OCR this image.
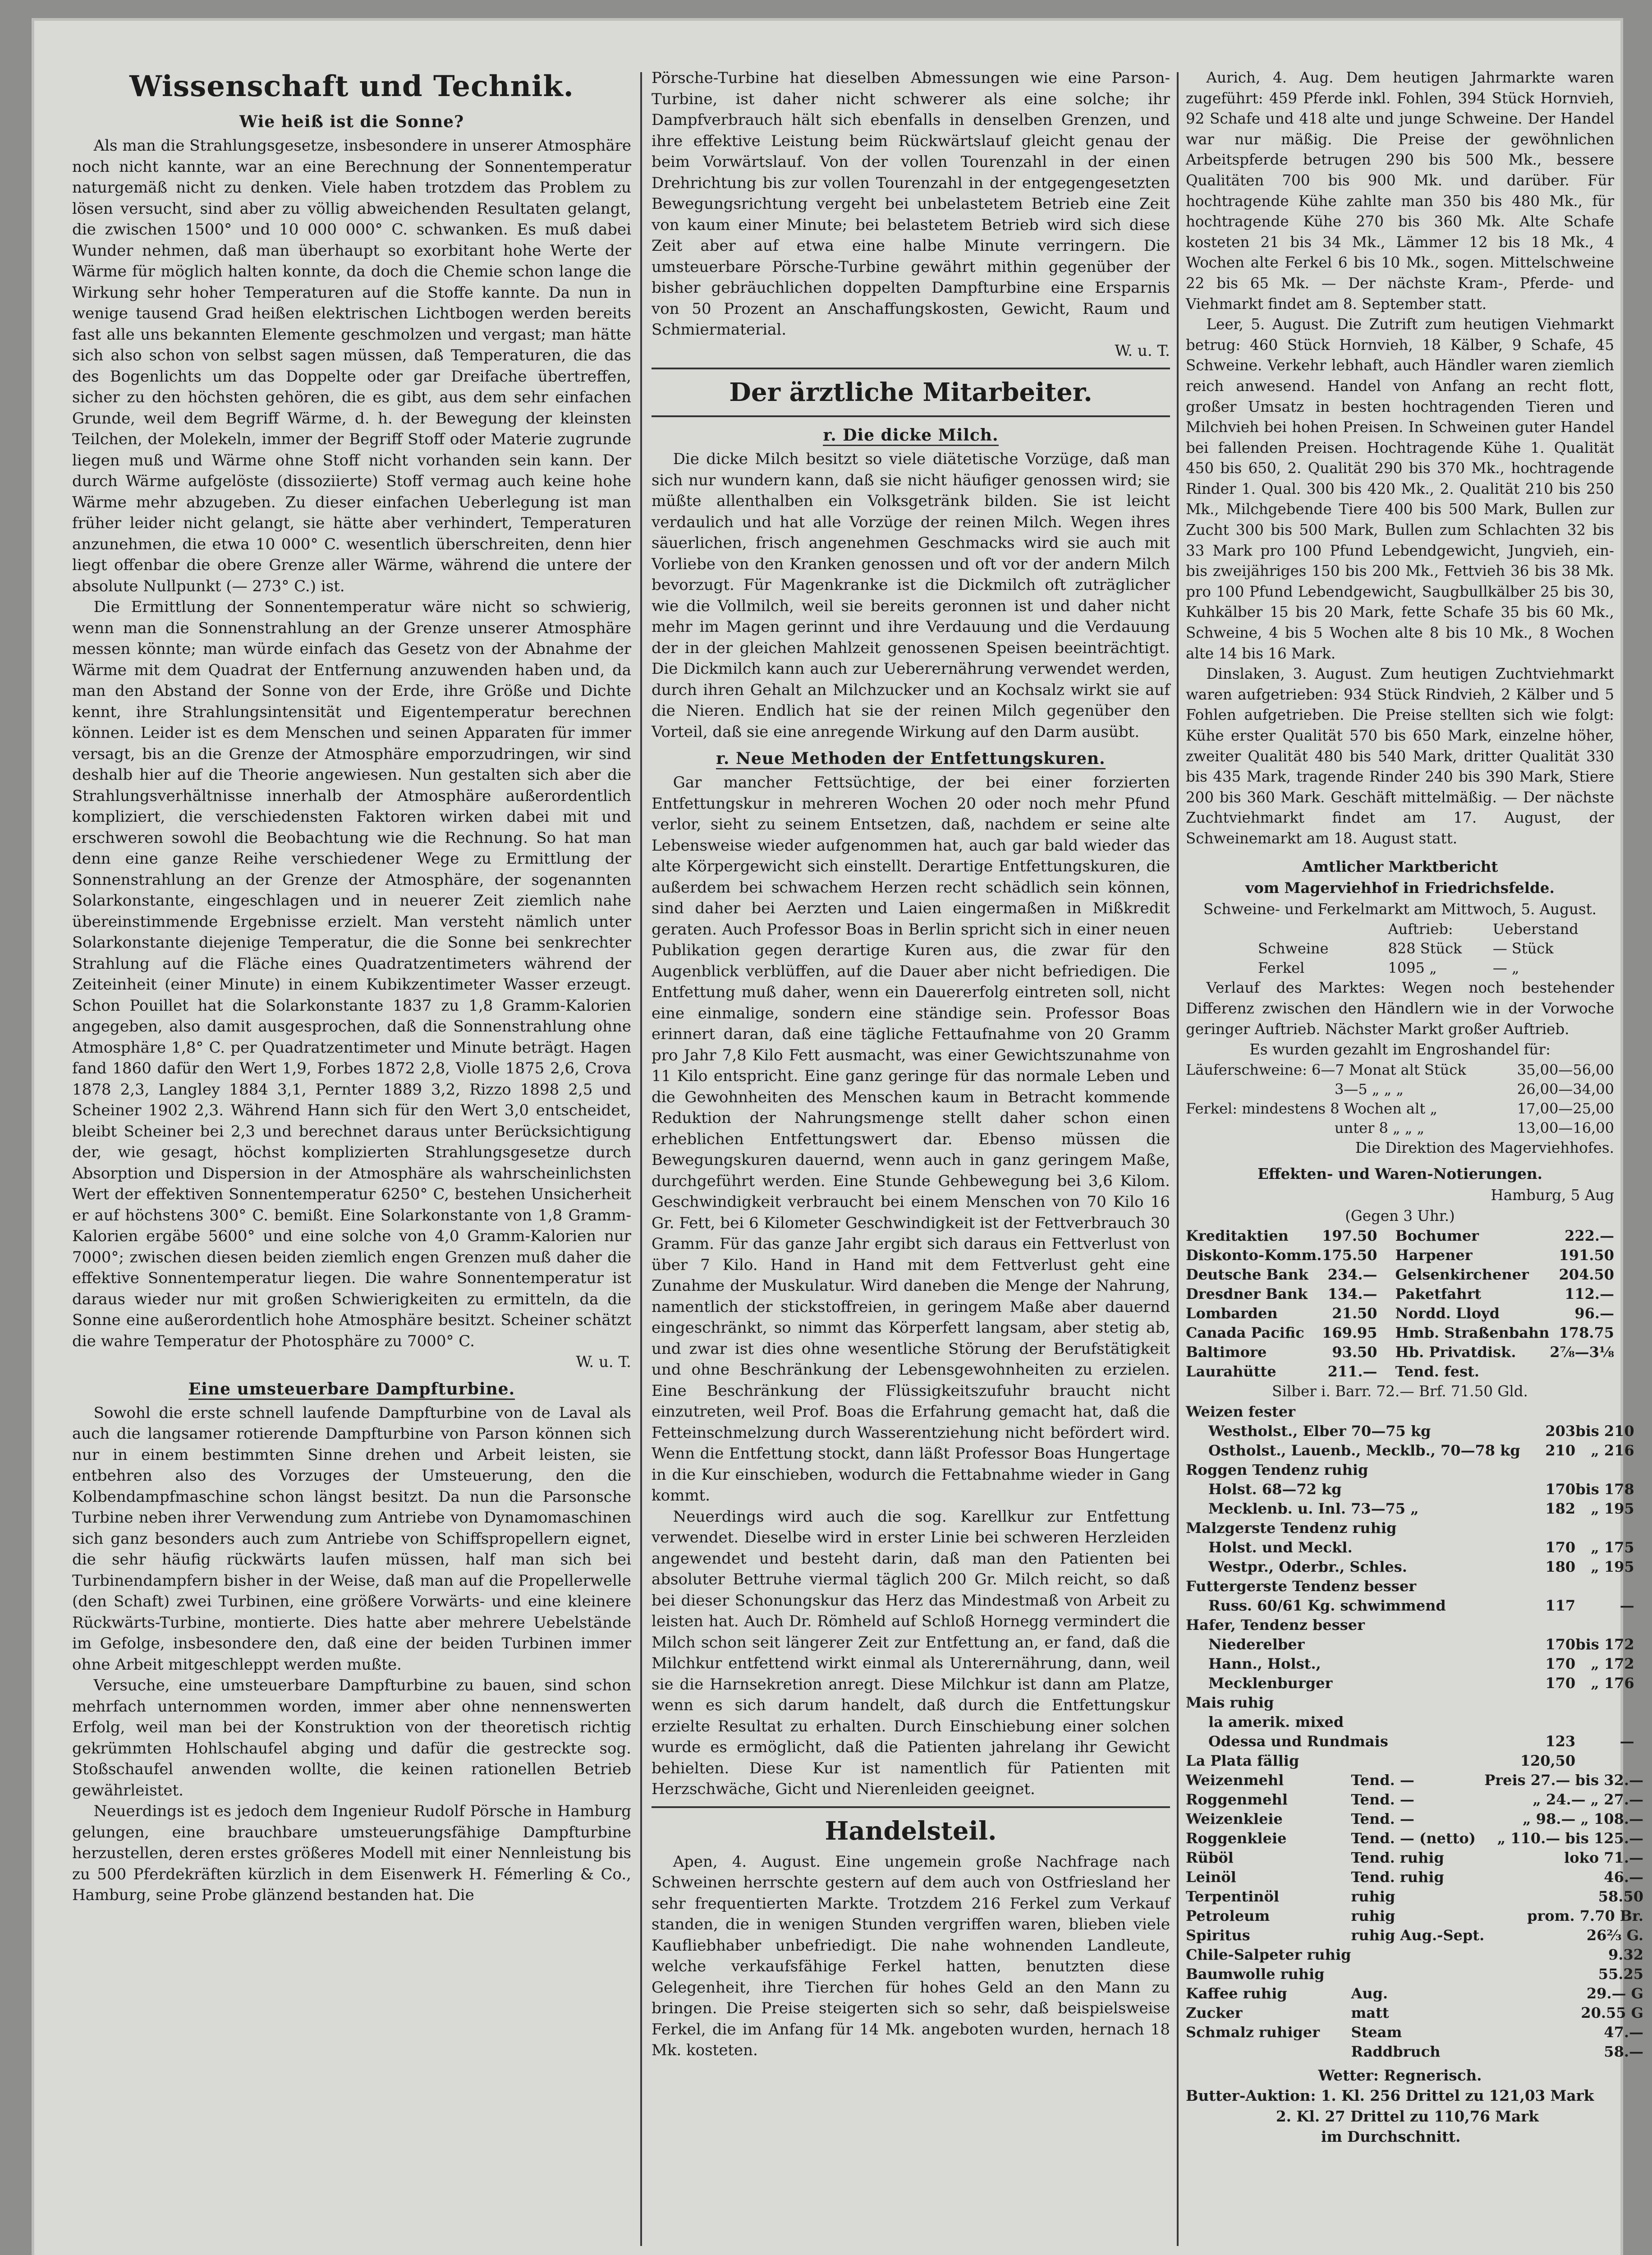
Wissenschaft und Technik.
Wie heiß ist die Sonne?

Als man die Strahlungsgesetze, insbesondere in unserer Atmosphäre noch nicht kannte, war an eine Berechnung der Sonnentemperatur naturgemäß nicht zu denken. Viele haben trotzdem das Problem zu lösen versucht, sind aber zu völlig abweichenden Resultaten gelangt, die zwischen 1500° und 10 000 000° C. schwanken. Es muß dabei Wunder nehmen, daß man überhaupt so exorbitant hohe Werte der Wärme für möglich halten konnte, da doch die Chemie schon lange die Wirkung sehr hoher Temperaturen auf die Stoffe kannte. Da nun in wenige tausend Grad heißen elektrischen Lichtbogen werden bereits fast alle uns bekannten Elemente geschmolzen und vergast; man hätte sich also schon von selbst sagen müssen, daß Temperaturen, die das des Bogenlichts um das Doppelte oder gar Dreifache übertreffen, sicher zu den höchsten gehören, die es gibt, aus dem sehr einfachen Grunde, weil dem Begriff Wärme, d. h. der Bewegung der kleinsten Teilchen, der Molekeln, immer der Begriff Stoff oder Materie zugrunde liegen muß und Wärme ohne Stoff nicht vorhanden sein kann. Der durch Wärme aufgelöste (dissoziierte) Stoff vermag auch keine hohe Wärme mehr abzugeben. Zu dieser einfachen Ueberlegung ist man früher leider nicht gelangt, sie hätte aber verhindert, Temperaturen anzunehmen, die etwa 10 000° C. wesentlich überschreiten, denn hier liegt offenbar die obere Grenze aller Wärme, während die untere der absolute Nullpunkt (— 273° C.) ist.

Die Ermittlung der Sonnentemperatur wäre nicht so schwierig, wenn man die Sonnenstrahlung an der Grenze unserer Atmosphäre messen könnte; man würde einfach das Gesetz von der Abnahme der Wärme mit dem Quadrat der Entfernung anzuwenden haben und, da man den Abstand der Sonne von der Erde, ihre Größe und Dichte kennt, ihre Strahlungsintensität und Eigentemperatur berechnen können. Leider ist es dem Menschen und seinen Apparaten für immer versagt, bis an die Grenze der Atmosphäre emporzudringen, wir sind deshalb hier auf die Theorie angewiesen. Nun gestalten sich aber die Strahlungsverhältnisse innerhalb der Atmosphäre außerordentlich kompliziert, die verschiedensten Faktoren wirken dabei mit und erschweren sowohl die Beobachtung wie die Rechnung. So hat man denn eine ganze Reihe verschiedener Wege zu Ermittlung der Sonnenstrahlung an der Grenze der Atmosphäre, der sogenannten Solarkonstante, eingeschlagen und in neuerer Zeit ziemlich nahe übereinstimmende Ergebnisse erzielt. Man versteht nämlich unter Solarkonstante diejenige Temperatur, die die Sonne bei senkrechter Strahlung auf die Fläche eines Quadratzentimeters während der Zeiteinheit (einer Minute) in einem Kubikzentimeter Wasser erzeugt. Schon Pouillet hat die Solarkonstante 1837 zu 1,8 Gramm-Kalorien angegeben, also damit ausgesprochen, daß die Sonnenstrahlung ohne Atmosphäre 1,8° C. per Quadratzentimeter und Minute beträgt. Hagen fand 1860 dafür den Wert 1,9, Forbes 1872 2,8, Violle 1875 2,6, Crova 1878 2,3, Langley 1884 3,1, Pernter 1889 3,2, Rizzo 1898 2,5 und Scheiner 1902 2,3. Während Hann sich für den Wert 3,0 entscheidet, bleibt Scheiner bei 2,3 und berechnet daraus unter Berücksichtigung der, wie gesagt, höchst komplizierten Strahlungsgesetze durch Absorption und Dispersion in der Atmosphäre als wahrscheinlichsten Wert der effektiven Sonnentemperatur 6250° C, bestehen Unsicherheit er auf höchstens 300° C. bemißt. Eine Solarkonstante von 1,8 Gramm-Kalorien ergäbe 5600° und eine solche von 4,0 Gramm-Kalorien nur 7000°; zwischen diesen beiden ziemlich engen Grenzen muß daher die effektive Sonnentemperatur liegen. Die wahre Sonnentemperatur ist daraus wieder nur mit großen Schwierigkeiten zu ermitteln, da die Sonne eine außerordentlich hohe Atmosphäre besitzt. Scheiner schätzt die wahre Temperatur der Photosphäre zu 7000° C.

W. u. T.
Eine umsteuerbare Dampfturbine.

Sowohl die erste schnell laufende Dampfturbine von de Laval als auch die langsamer rotierende Dampfturbine von Parson können sich nur in einem bestimmten Sinne drehen und Arbeit leisten, sie entbehren also des Vorzuges der Umsteuerung, den die Kolbendampfmaschine schon längst besitzt. Da nun die Parsonsche Turbine neben ihrer Verwendung zum Antriebe von Dynamomaschinen sich ganz besonders auch zum Antriebe von Schiffspropellern eignet, die sehr häufig rückwärts laufen müssen, half man sich bei Turbinendampfern bisher in der Weise, daß man auf die Propellerwelle (den Schaft) zwei Turbinen, eine größere Vorwärts- und eine kleinere Rückwärts-Turbine, montierte. Dies hatte aber mehrere Uebelstände im Gefolge, insbesondere den, daß eine der beiden Turbinen immer ohne Arbeit mitgeschleppt werden mußte.

Versuche, eine umsteuerbare Dampfturbine zu bauen, sind schon mehrfach unternommen worden, immer aber ohne nennenswerten Erfolg, weil man bei der Konstruktion von der theoretisch richtig gekrümmten Hohlschaufel abging und dafür die gestreckte sog. Stoßschaufel anwenden wollte, die keinen rationellen Betrieb gewährleistet.

Neuerdings ist es jedoch dem Ingenieur Rudolf Pörsche in Hamburg gelungen, eine brauchbare umsteuerungsfähige Dampfturbine herzustellen, deren erstes größeres Modell mit einer Nennleistung bis zu 500 Pferdekräften kürzlich in dem Eisenwerk H. Fémerling & Co., Hamburg, seine Probe glänzend bestanden hat. Die

Pörsche-Turbine hat dieselben Abmessungen wie eine Parson-Turbine, ist daher nicht schwerer als eine solche; ihr Dampfverbrauch hält sich ebenfalls in denselben Grenzen, und ihre effektive Leistung beim Rückwärtslauf gleicht genau der beim Vorwärtslauf. Von der vollen Tourenzahl in der einen Drehrichtung bis zur vollen Tourenzahl in der entgegengesetzten Bewegungsrichtung vergeht bei unbelastetem Betrieb eine Zeit von kaum einer Minute; bei belastetem Betrieb wird sich diese Zeit aber auf etwa eine halbe Minute verringern. Die umsteuerbare Pörsche-Turbine gewährt mithin gegenüber der bisher gebräuchlichen doppelten Dampfturbine eine Ersparnis von 50 Prozent an Anschaffungskosten, Gewicht, Raum und Schmiermaterial.

W. u. T.
Der ärztliche Mitarbeiter.
r. Die dicke Milch.

Die dicke Milch besitzt so viele diätetische Vorzüge, daß man sich nur wundern kann, daß sie nicht häufiger genossen wird; sie müßte allenthalben ein Volksgetränk bilden. Sie ist leicht verdaulich und hat alle Vorzüge der reinen Milch. Wegen ihres säuerlichen, frisch angenehmen Geschmacks wird sie auch mit Vorliebe von den Kranken genossen und oft vor der andern Milch bevorzugt. Für Magenkranke ist die Dickmilch oft zuträglicher wie die Vollmilch, weil sie bereits geronnen ist und daher nicht mehr im Magen gerinnt und ihre Verdauung und die Verdauung der in der gleichen Mahlzeit genossenen Speisen beeinträchtigt. Die Dickmilch kann auch zur Ueberernährung verwendet werden, durch ihren Gehalt an Milchzucker und an Kochsalz wirkt sie auf die Nieren. Endlich hat sie der reinen Milch gegenüber den Vorteil, daß sie eine anregende Wirkung auf den Darm ausübt.

r. Neue Methoden der Entfettungskuren.

Gar mancher Fettsüchtige, der bei einer forzierten Entfettungskur in mehreren Wochen 20 oder noch mehr Pfund verlor, sieht zu seinem Entsetzen, daß, nachdem er seine alte Lebensweise wieder aufgenommen hat, auch gar bald wieder das alte Körpergewicht sich einstellt. Derartige Entfettungskuren, die außerdem bei schwachem Herzen recht schädlich sein können, sind daher bei Aerzten und Laien eingermaßen in Mißkredit geraten. Auch Professor Boas in Berlin spricht sich in einer neuen Publikation gegen derartige Kuren aus, die zwar für den Augenblick verblüffen, auf die Dauer aber nicht befriedigen. Die Entfettung muß daher, wenn ein Dauererfolg eintreten soll, nicht eine einmalige, sondern eine ständige sein. Professor Boas erinnert daran, daß eine tägliche Fettaufnahme von 20 Gramm pro Jahr 7,8 Kilo Fett ausmacht, was einer Gewichtszunahme von 11 Kilo entspricht. Eine ganz geringe für das normale Leben und die Gewohnheiten des Menschen kaum in Betracht kommende Reduktion der Nahrungsmenge stellt daher schon einen erheblichen Entfettungswert dar. Ebenso müssen die Bewegungskuren dauernd, wenn auch in ganz geringem Maße, durchgeführt werden. Eine Stunde Gehbewegung bei 3,6 Kilom. Geschwindigkeit verbraucht bei einem Menschen von 70 Kilo 16 Gr. Fett, bei 6 Kilometer Geschwindigkeit ist der Fettverbrauch 30 Gramm. Für das ganze Jahr ergibt sich daraus ein Fettverlust von über 7 Kilo. Hand in Hand mit dem Fettverlust geht eine Zunahme der Muskulatur. Wird daneben die Menge der Nahrung, namentlich der stickstoffreien, in geringem Maße aber dauernd eingeschränkt, so nimmt das Körperfett langsam, aber stetig ab, und zwar ist dies ohne wesentliche Störung der Berufstätigkeit und ohne Beschränkung der Lebensgewohnheiten zu erzielen. Eine Beschränkung der Flüssigkeitszufuhr braucht nicht einzutreten, weil Prof. Boas die Erfahrung gemacht hat, daß die Fetteinschmelzung durch Wasserentziehung nicht befördert wird. Wenn die Entfettung stockt, dann läßt Professor Boas Hungertage in die Kur einschieben, wodurch die Fettabnahme wieder in Gang kommt.

Neuerdings wird auch die sog. Karellkur zur Entfettung verwendet. Dieselbe wird in erster Linie bei schweren Herzleiden angewendet und besteht darin, daß man den Patienten bei absoluter Bettruhe viermal täglich 200 Gr. Milch reicht, so daß bei dieser Schonungskur das Herz das Mindestmaß von Arbeit zu leisten hat. Auch Dr. Römheld auf Schloß Hornegg vermindert die Milch schon seit längerer Zeit zur Entfettung an, er fand, daß die Milchkur entfettend wirkt einmal als Unterernährung, dann, weil sie die Harnsekretion anregt. Diese Milchkur ist dann am Platze, wenn es sich darum handelt, daß durch die Entfettungskur erzielte Resultat zu erhalten. Durch Einschiebung einer solchen wurde es ermöglicht, daß die Patienten jahrelang ihr Gewicht behielten. Diese Kur ist namentlich für Patienten mit Herzschwäche, Gicht und Nierenleiden geeignet.

Handelsteil.

Apen, 4. August. Eine ungemein große Nachfrage nach Schweinen herrschte gestern auf dem auch von Ostfriesland her sehr frequentierten Markte. Trotzdem 216 Ferkel zum Verkauf standen, die in wenigen Stunden vergriffen waren, blieben viele Kaufliebhaber unbefriedigt. Die nahe wohnenden Landleute, welche verkaufsfähige Ferkel hatten, benutzten diese Gelegenheit, ihre Tierchen für hohes Geld an den Mann zu bringen. Die Preise steigerten sich so sehr, daß beispielsweise Ferkel, die im Anfang für 14 Mk. angeboten wurden, hernach 18 Mk. kosteten.

Aurich, 4. Aug. Dem heutigen Jahrmarkte waren zugeführt: 459 Pferde inkl. Fohlen, 394 Stück Hornvieh, 92 Schafe und 418 alte und junge Schweine. Der Handel war nur mäßig. Die Preise der gewöhnlichen Arbeitspferde betrugen 290 bis 500 Mk., bessere Qualitäten 700 bis 900 Mk. und darüber. Für hochtragende Kühe zahlte man 350 bis 480 Mk., für hochtragende Kühe 270 bis 360 Mk. Alte Schafe kosteten 21 bis 34 Mk., Lämmer 12 bis 18 Mk., 4 Wochen alte Ferkel 6 bis 10 Mk., sogen. Mittelschweine 22 bis 65 Mk. — Der nächste Kram-, Pferde- und Viehmarkt findet am 8. September statt.

Leer, 5. August. Die Zutrift zum heutigen Viehmarkt betrug: 460 Stück Hornvieh, 18 Kälber, 9 Schafe, 45 Schweine. Verkehr lebhaft, auch Händler waren ziemlich reich anwesend. Handel von Anfang an recht flott, großer Umsatz in besten hochtragenden Tieren und Milchvieh bei hohen Preisen. In Schweinen guter Handel bei fallenden Preisen. Hochtragende Kühe 1. Qualität 450 bis 650, 2. Qualität 290 bis 370 Mk., hochtragende Rinder 1. Qual. 300 bis 420 Mk., 2. Qualität 210 bis 250 Mk., Milchgebende Tiere 400 bis 500 Mark, Bullen zur Zucht 300 bis 500 Mark, Bullen zum Schlachten 32 bis 33 Mark pro 100 Pfund Lebendgewicht, Jungvieh, ein- bis zweijähriges 150 bis 200 Mk., Fettvieh 36 bis 38 Mk. pro 100 Pfund Lebendgewicht, Saugbullkälber 25 bis 30, Kuhkälber 15 bis 20 Mark, fette Schafe 35 bis 60 Mk., Schweine, 4 bis 5 Wochen alte 8 bis 10 Mk., 8 Wochen alte 14 bis 16 Mark.

Dinslaken, 3. August. Zum heutigen Zuchtviehmarkt waren aufgetrieben: 934 Stück Rindvieh, 2 Kälber und 5 Fohlen aufgetrieben. Die Preise stellten sich wie folgt: Kühe erster Qualität 570 bis 650 Mark, einzelne höher, zweiter Qualität 480 bis 540 Mark, dritter Qualität 330 bis 435 Mark, tragende Rinder 240 bis 390 Mark, Stiere 200 bis 360 Mark. Geschäft mittelmäßig. — Der nächste Zuchtviehmarkt findet am 17. August, der Schweinemarkt am 18. August statt.

Amtlicher Marktbericht
vom Magerviehhof in Friedrichsfelde.
Schweine- und Ferkelmarkt am Mittwoch, 5. August.
	Auftrieb:	Ueberstand
Schweine	828 Stück	— Stück
Ferkel	1095 „	— „

Verlauf des Marktes: Wegen noch bestehender Differenz zwischen den Händlern wie in der Vorwoche geringer Auftrieb. Nächster Markt großer Auftrieb.

Es wurden gezahlt im Engroshandel für:
Läuferschweine: 6—7 Monat alt Stück	35,00—56,00
3—5 „ „ „	26,00—34,00
Ferkel: mindestens 8 Wochen alt „	17,00—25,00
unter 8 „ „ „	13,00—16,00
Die Direktion des Magerviehhofes.
Effekten- und Waren-Notierungen.
Hamburg, 5 Aug
(Gegen 3 Uhr.)
Kreditaktien	197.50	Bochumer	222.—
Diskonto-Komm.	175.50	Harpener	191.50
Deutsche Bank	234.—	Gelsenkirchener	204.50
Dresdner Bank	134.—	Paketfahrt	112.—
Lombarden	21.50	Nordd. Lloyd	96.—
Canada Pacific	169.95	Hmb. Straßenbahn	178.75
Baltimore	93.50	Hb. Privatdisk.	2⅞—3⅛
Laurahütte	211.—	Tend. fest.	
Silber i. Barr. 72.— Brf. 71.50 Gld.
Weizen fester		
Westholst., Elber 70—75 kg	203	bis 210
Ostholst., Lauenb., Mecklb., 70—78 kg	210	„ 216
Roggen Tendenz ruhig		
Holst. 68—72 kg	170	bis 178
Mecklenb. u. Inl. 73—75 „	182	„ 195
Malzgerste Tendenz ruhig		
Holst. und Meckl.	170	„ 175
Westpr., Oderbr., Schles.	180	„ 195
Futtergerste Tendenz besser		
Russ. 60/61 Kg. schwimmend	117	—
Hafer, Tendenz besser		
Niederelber	170	bis 172
Hann., Holst.,	170	„ 172
Mecklenburger	170	„ 176
Mais ruhig		
la amerik. mixed		
Odessa und Rundmais	123	—
La Plata fällig	120,50	
Weizenmehl	Tend. —	Preis 27.— bis 32.—
Roggenmehl	Tend. —	„ 24.— „ 27.—
Weizenkleie	Tend. —	„ 98.— „ 108.—
Roggenkleie	Tend. — (netto)	„ 110.— bis 125.—
Rüböl	Tend. ruhig	loko 71.—
Leinöl	Tend. ruhig	46.—
Terpentinöl	ruhig	58.50
Petroleum	ruhig	prom. 7.70 Br.
Spiritus	ruhig Aug.-Sept.	26⅔ G.
Chile-Salpeter ruhig		9.32
Baumwolle ruhig		55.25
Kaffee ruhig	Aug.	29.— G
Zucker	matt	20.55 G
Schmalz ruhiger	Steam	47.—
	Raddbruch	58.—
Wetter: Regnerisch.
Butter-Auktion: 1. Kl. 256 Drittel zu 121,03 Mark
2. Kl. 27 Drittel zu 110,76 Mark
im Durchschnitt.
